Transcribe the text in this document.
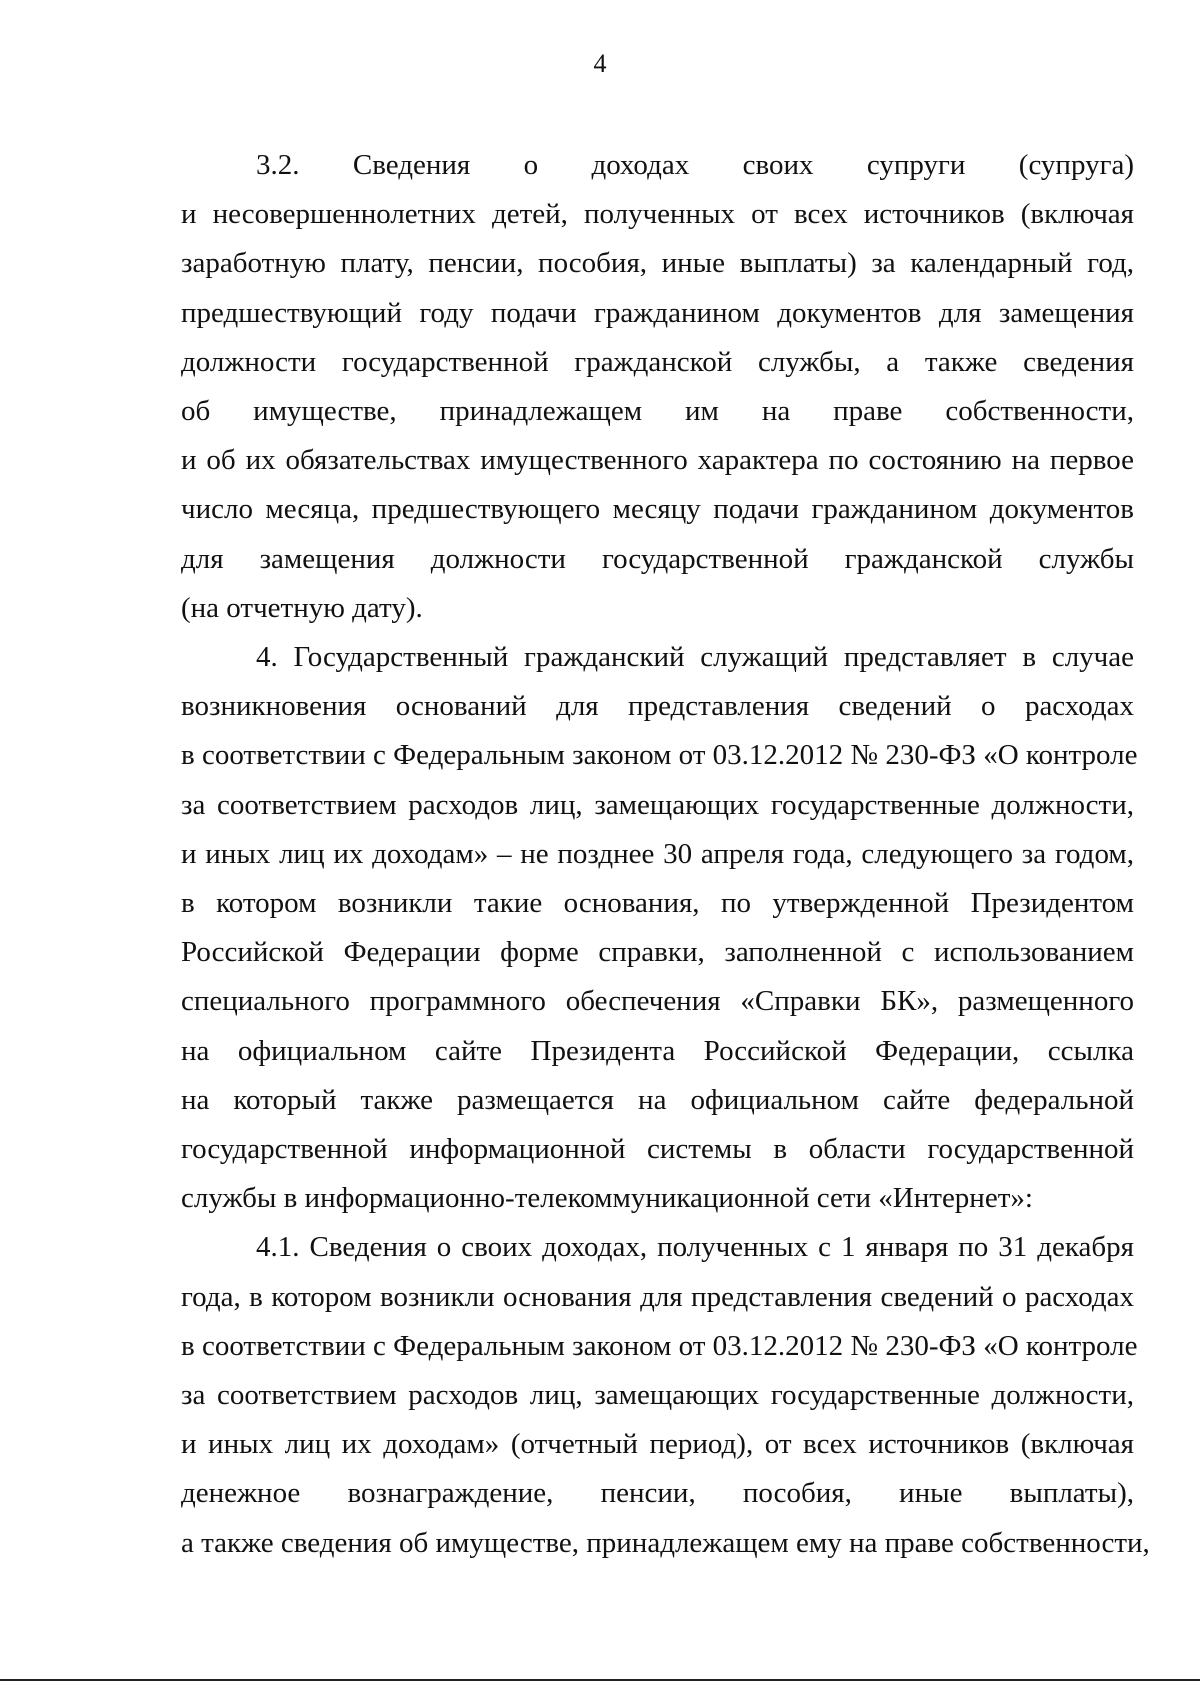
4
3.2. Сведения о доходах своих супруги (супруга)
и несовершеннолетних детей, полученных от всех источников (включая
заработную плату, пенсии, пособия, иные выплаты) за календарный год,
предшествующий году подачи гражданином документов для замещения
должности государственной гражданской службы, а также сведения
об имуществе, принадлежащем им на праве собственности,
и об их обязательствах имущественного характера по состоянию на первое
число месяца, предшествующего месяцу подачи гражданином документов
для замещения должности государственной гражданской службы
(на отчетную дату).
4. Государственный гражданский служащий представляет в случае
возникновения оснований для представления сведений о расходах
в соответствии с Федеральным законом от 03.12.2012 № 230-ФЗ «О контроле
за соответствием расходов лиц, замещающих государственные должности,
и иных лиц их доходам» – не позднее 30 апреля года, следующего за годом,
в котором возникли такие основания, по утвержденной Президентом
Российской Федерации форме справки, заполненной с использованием
специального программного обеспечения «Справки БК», размещенного
на официальном сайте Президента Российской Федерации, ссылка
на который также размещается на официальном сайте федеральной
государственной информационной системы в области государственной
службы в информационно-телекоммуникационной сети «Интернет»:
4.1. Сведения о своих доходах, полученных с 1 января по 31 декабря
года, в котором возникли основания для представления сведений о расходах
в соответствии с Федеральным законом от 03.12.2012 № 230-ФЗ «О контроле
за соответствием расходов лиц, замещающих государственные должности,
и иных лиц их доходам» (отчетный период), от всех источников (включая
денежное вознаграждение, пенсии, пособия, иные выплаты),
а также сведения об имуществе, принадлежащем ему на праве собственности,
